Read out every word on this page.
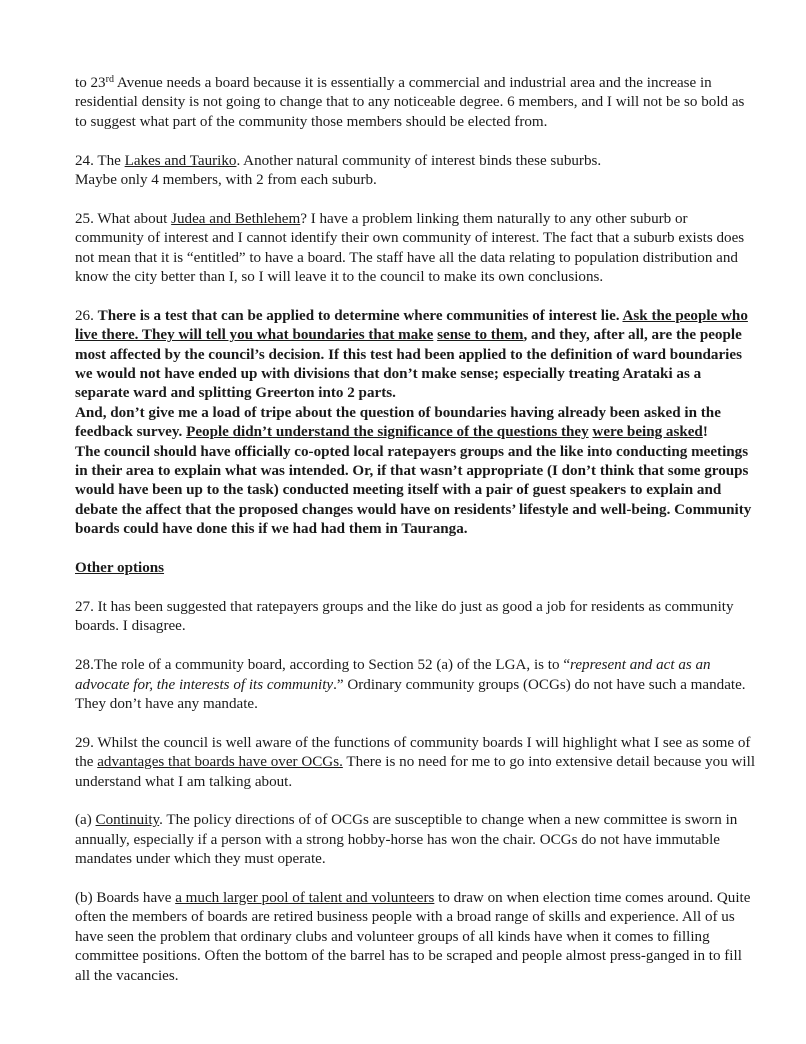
to 23rd Avenue needs a board because it is essentially a commercial and industrial area and the increase in residential density is not going to change that to any noticeable degree. 6 members, and I will not be so bold as to suggest what part of the community those members should be elected from.

24. The Lakes and Tauriko. Another natural community of interest binds these suburbs.
Maybe only 4 members, with 2 from each suburb.

25. What about Judea and Bethlehem? I have a problem linking them naturally to any other suburb or community of interest and I cannot identify their own community of interest. The fact that a suburb exists does not mean that it is “entitled” to have a board. The staff have all the data relating to population distribution and know the city better than I, so I will leave it to the council to make its own conclusions.

26. There is a test that can be applied to determine where communities of interest lie. Ask the people who live there. They will tell you what boundaries that make sense to them, and they, after all, are the people most affected by the council’s decision. If this test had been applied to the definition of ward boundaries we would not have ended up with divisions that don’t make sense; especially treating Arataki as a separate ward and splitting Greerton into 2 parts.
And, don’t give me a load of tripe about the question of boundaries having already been asked in the feedback survey. People didn’t understand the significance of the questions they were being asked!
The council should have officially co-opted local ratepayers groups and the like into conducting meetings in their area to explain what was intended. Or, if that wasn’t appropriate (I don’t think that some groups would have been up to the task) conducted meeting itself with a pair of guest speakers to explain and debate the affect that the proposed changes would have on residents’ lifestyle and well-being. Community boards could have done this if we had had them in Tauranga.

Other options

27. It has been suggested that ratepayers groups and the like do just as good a job for residents as community boards. I disagree.

28.The role of a community board, according to Section 52 (a) of the LGA, is to “represent and act as an advocate for, the interests of its community.” Ordinary community groups (OCGs) do not have such a mandate. They don’t have any mandate.

29. Whilst the council is well aware of the functions of community boards I will highlight what I see as some of the advantages that boards have over OCGs. There is no need for me to go into extensive detail because you will understand what I am talking about.

(a) Continuity. The policy directions of of OCGs are susceptible to change when a new committee is sworn in annually, especially if a person with a strong hobby-horse has won the chair. OCGs do not have immutable mandates under which they must operate.

(b) Boards have a much larger pool of talent and volunteers to draw on when election time comes around. Quite often the members of boards are retired business people with a broad range of skills and experience. All of us have seen the problem that ordinary clubs and volunteer groups of all kinds have when it comes to filling committee positions. Often the bottom of the barrel has to be scraped and people almost press-ganged in to fill all the vacancies.
